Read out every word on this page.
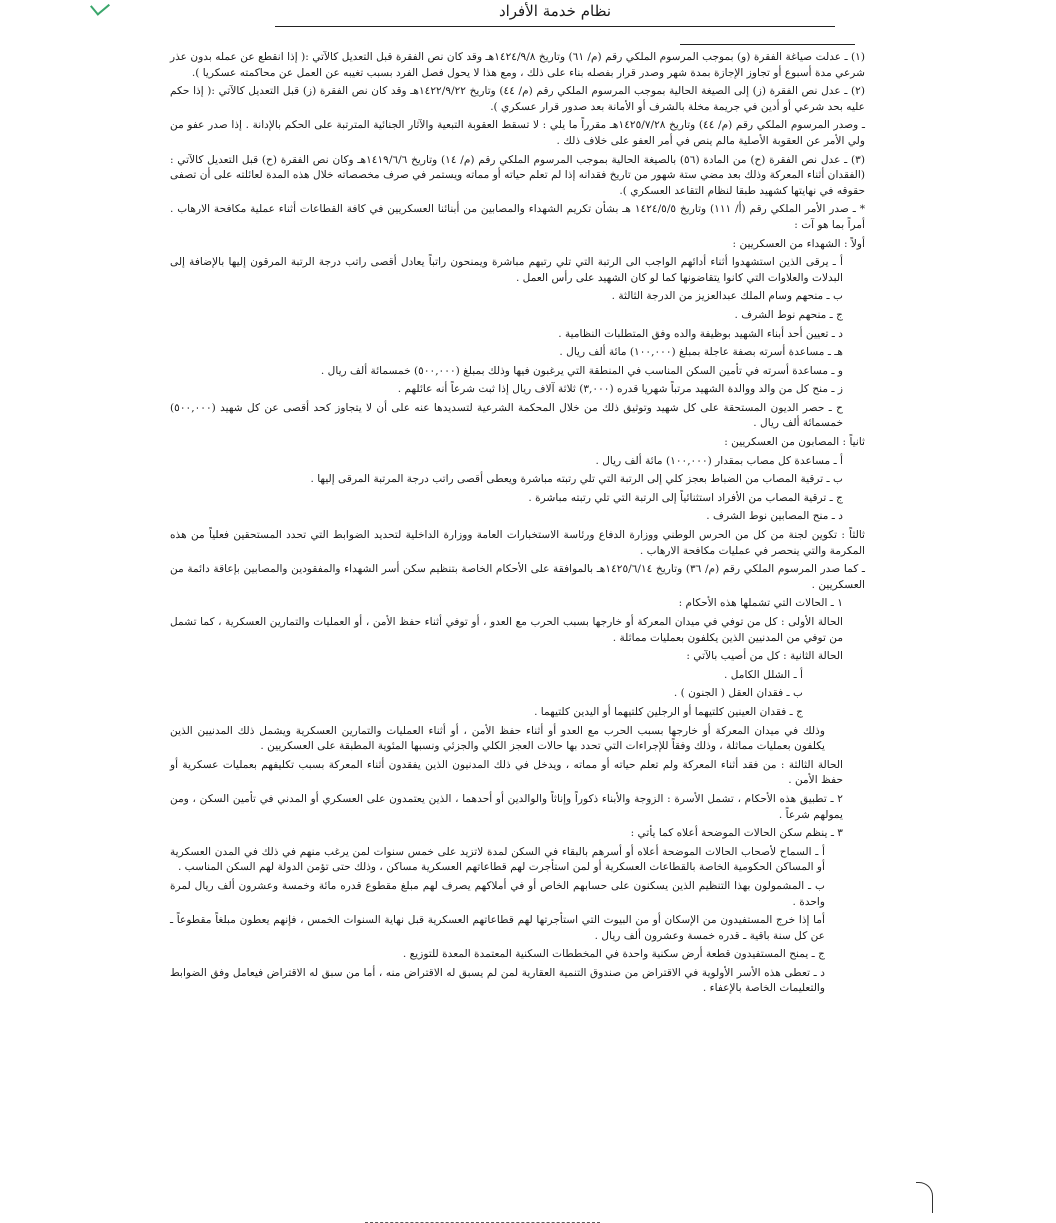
نظام خدمة الأفراد

(١) ـ عدلت صياغة الفقرة (و) بموجب المرسوم الملكي رقم (م/ ٦١) وتاريخ ١٤٢٤/٩/٨هـ وقد كان نص الفقرة قبل التعديل كالآتي :( إذا انقطع عن عمله بدون عذر شرعي مدة أسبوع أو تجاوز الإجازة بمدة شهر وصدر قرار بفصله بناء على ذلك ، ومع هذا لا يحول فصل الفرد بسبب تغيبه عن العمل عن محاكمته عسكريا ).

(٢) ـ عدل نص الفقرة (ز) إلى الصيغة الحالية بموجب المرسوم الملكي رقم (م/ ٤٤) وتاريخ ١٤٢٢/٩/٢٢هـ وقد كان نص الفقرة (ز) قبل التعديل كالآتي :( إذا حكم عليه بحد شرعي أو أدين في جريمة مخلة بالشرف أو الأمانة بعد صدور قرار عسكري ).

ـ وصدر المرسوم الملكي رقم (م/ ٤٤) وتاريخ ١٤٢٥/٧/٢٨هـ مقرراً ما يلي : لا تسقط العقوبة التبعية والآثار الجنائية المترتبة على الحكم بالإدانة . إذا صدر عفو من ولي الأمر عن العقوبة الأصلية مالم ينص في أمر العفو على خلاف ذلك .

(٣) ـ عدل نص الفقرة (ح) من المادة (٥٦) بالصيغة الحالية بموجب المرسوم الملكي رقم (م/ ١٤) وتاريخ ١٤١٩/٦/٦هـ وكان نص الفقرة (ح) قبل التعديل كالآتي : (الفقدان أثناء المعركة وذلك بعد مضي ستة شهور من تاريخ فقدانه إذا لم تعلم حياته أو مماته ويستمر في صرف مخصصاته خلال هذه المدة لعائلته على أن تصفى حقوقه في نهايتها كشهيد طبقا لنظام التقاعد العسكري ).

* ـ صدر الأمر الملكي رقم (أ/ ١١١) وتاريخ ١٤٢٤/٥/٥ هـ بشأن تكريم الشهداء والمصابين من أبنائنا العسكريين في كافة القطاعات أثناء عملية مكافحة الارهاب . أمراً بما هو آت :

أولاً : الشهداء من العسكريين :

أ ـ يرقى الذين استشهدوا أثناء أدائهم الواجب الى الرتبة التي تلي رتبهم مباشرة ويمنحون راتباً يعادل أقصى راتب درجة الرتبة المرقون إليها بالإضافة إلى البدلات والعلاوات التي كانوا يتقاضونها كما لو كان الشهيد على رأس العمل .

ب ـ منحهم وسام الملك عبدالعزيز من الدرجة الثالثة .

ج ـ منحهم نوط الشرف .

د ـ تعيين أحد أبناء الشهيد بوظيفة والده وفق المتطلبات النظامية .

هـ ـ مساعدة أسرته بصفة عاجلة بمبلغ (١٠٠,٠٠٠) مائة ألف ريال .

و ـ مساعدة أسرته في تأمين السكن المناسب في المنطقة التي يرغبون فيها وذلك بمبلغ (٥٠٠,٠٠٠) خمسمائة ألف ريال .

ز ـ منح كل من والد ووالدة الشهيد مرتباً شهريا قدره (٣,٠٠٠) ثلاثة آلاف ريال إذا ثبت شرعاً أنه عائلهم .

ح ـ حصر الديون المستحقة على كل شهيد وتوثيق ذلك من خلال المحكمة الشرعية لتسديدها عنه على أن لا يتجاوز كحد أقصى عن كل شهيد (٥٠٠,٠٠٠) خمسمائة ألف ريال .

ثانياً : المصابون من العسكريين :

أ ـ مساعدة كل مصاب بمقدار (١٠٠,٠٠٠) مائة ألف ريال .

ب ـ ترقية المصاب من الضباط بعجز كلي إلى الرتبة التي تلي رتبته مباشرة ويعطى أقصى راتب درجة المرتبة المرقى إليها .

ج ـ ترقية المصاب من الأفراد استثنائياً إلى الرتبة التي تلي رتبته مباشرة .

د ـ منح المصابين نوط الشرف .

ثالثاً : تكوين لجنة من كل من الحرس الوطني ووزارة الدفاع ورئاسة الاستخبارات العامة ووزارة الداخلية لتحديد الضوابط التي تحدد المستحقين فعلياً من هذه المكرمة والتي ينحصر في عمليات مكافحة الارهاب .

ـ كما صدر المرسوم الملكي رقم (م/ ٣٦) وتاريخ ١٤٢٥/٦/١٤هـ بالموافقة على الأحكام الخاصة بتنظيم سكن أسر الشهداء والمفقودين والمصابين بإعاقة دائمة من العسكريين .

١ ـ الحالات التي تشملها هذه الأحكام :

الحالة الأولى : كل من توفي في ميدان المعركة أو خارجها بسبب الحرب مع العدو ، أو توفي أثناء حفظ الأمن ، أو العمليات والتمارين العسكرية ، كما تشمل من توفي من المدنيين الذين يكلفون بعمليات مماثلة .

الحالة الثانية : كل من أصيب بالآتي :

أ ـ الشلل الكامل .

ب ـ فقدان العقل ( الجنون ) .

ج ـ فقدان العينين كلتيهما أو الرجلين كلتيهما أو اليدين كلتيهما .

وذلك في ميدان المعركة أو خارجها بسبب الحرب مع العدو أو أثناء حفظ الأمن ، أو أثناء العمليات والتمارين العسكرية ويشمل ذلك المدنيين الذين يكلفون بعمليات مماثلة ، وذلك وفقاً للإجراءات التي تحدد بها حالات العجز الكلي والجزئي ونسبها المئوية المطبقة على العسكريين .

الحالة الثالثة : من فقد أثناء المعركة ولم تعلم حياته أو مماته ، ويدخل في ذلك المدنيون الذين يفقدون أثناء المعركة بسبب تكليفهم بعمليات عسكرية أو حفظ الأمن .

٢ ـ تطبيق هذه الأحكام ، تشمل الأسرة : الزوجة والأبناء ذكوراً وإناثاً والوالدين أو أحدهما ، الذين يعتمدون على العسكري أو المدني في تأمين السكن ، ومن يمولهم شرعاً .

٣ ـ ينظم سكن الحالات الموضحة أعلاه كما يأتي :

أ ـ السماح لأصحاب الحالات الموضحة أعلاه أو أسرهم بالبقاء في السكن لمدة لاتزيد على خمس سنوات لمن يرغب منهم في ذلك في المدن العسكرية أو المساكن الحكومية الخاصة بالقطاعات العسكرية أو لمن استأجرت لهم قطاعاتهم العسكرية مساكن ، وذلك حتى تؤمن الدولة لهم السكن المناسب .

ب ـ المشمولون بهذا التنظيم الذين يسكنون على حسابهم الخاص أو في أملاكهم يصرف لهم مبلغ مقطوع قدره مائة وخمسة وعشرون ألف ريال لمرة واحدة .

أما إذا خرج المستفيدون من الإسكان أو من البيوت التي استأجرتها لهم قطاعاتهم العسكرية قبل نهاية السنوات الخمس ، فإنهم يعطون مبلغاً مقطوعاً ـ عن كل سنة باقية ـ قدره خمسة وعشرون ألف ريال .

ج ـ يمنح المستفيدون قطعة أرض سكنية واحدة في المخططات السكنية المعتمدة المعدة للتوزيع .

د ـ تعطى هذه الأسر الأولوية في الاقتراض من صندوق التنمية العقارية لمن لم يسبق له الاقتراض منه ، أما من سبق له الاقتراض فيعامل وفق الضوابط والتعليمات الخاصة بالإعفاء .
